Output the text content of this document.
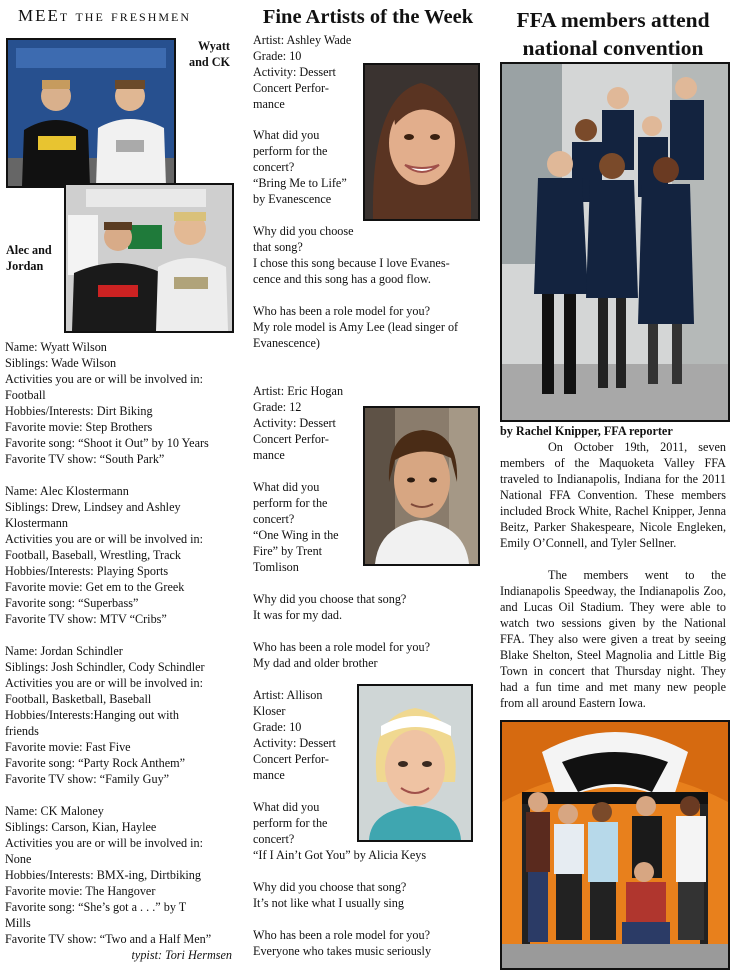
MEEt the freshmen
Wyatt
and CK
Alec and
Jordan
Name: Wyatt Wilson
Siblings: Wade Wilson
Activities you are or will be involved in:
Football
Hobbies/Interests: Dirt Biking
Favorite movie: Step Brothers
Favorite song: “Shoot it Out” by 10 Years
Favorite TV show: “South Park”
Name: Alec Klostermann
Siblings: Drew, Lindsey and Ashley
Klostermann
Activities you are or will be involved in:
Football, Baseball, Wrestling, Track
Hobbies/Interests: Playing Sports
Favorite movie: Get em to the Greek
Favorite song: “Superbass”
Favorite TV show: MTV “Cribs”
Name: Jordan Schindler
Siblings: Josh Schindler, Cody Schindler
Activities you are or will be involved in:
Football, Basketball, Baseball
Hobbies/Interests:Hanging out with
friends
Favorite movie: Fast Five
Favorite song: “Party Rock Anthem”
Favorite TV show: “Family Guy”
Name: CK Maloney
Siblings: Carson, Kian, Haylee
Activities you are or will be involved in:
None
Hobbies/Interests: BMX-ing, Dirtbiking
Favorite movie: The Hangover
Favorite song: “She’s got a . . .” by T
Mills
Favorite TV show: “Two and a Half Men”
typist: Tori Hermsen
Fine Artists of the Week
Artist: Ashley Wade
Grade: 10
Activity: Dessert
Concert Perfor-
mance
What did you
perform for the
concert?
“Bring Me to Life”
by Evanescence
Why did you choose
that song?
I chose this song because I love Evanes-
cence and this song has a good flow.

Who has been a role model for you?
My role model is Amy Lee (lead singer of
Evanescence)
Artist: Eric Hogan
Grade: 12
Activity: Dessert
Concert Perfor-
mance
What did you
perform for the
concert?
“One Wing in the
Fire” by Trent
Tomlison
Why did you choose that song?
It was for my dad.

Who has been a role model for you?
My dad and older brother
Artist: Allison
Kloser
Grade: 10
Activity: Dessert
Concert Perfor-
mance
What did you
perform for the
concert?
“If I Ain’t Got You” by Alicia Keys
Why did you choose that song?
It’s not like what I usually sing

Who has been a role model for you?
Everyone who takes music seriously
FFA members attend
national convention
by Rachel Knipper, FFA reporter
On October 19th, 2011, seven members of the Maquoketa Valley FFA traveled to Indianapolis, Indiana for the 2011 National FFA Convention. These members included Brock White, Rachel Knipper, Jenna Beitz, Parker Shakespeare, Nicole Engleken, Emily O’Connell, and Tyler Sellner.
The members went to the Indianapolis Speedway, the Indianapolis Zoo, and Lucas Oil Stadium. They were able to watch two sessions given by the National FFA. They also were given a treat by seeing Blake Shelton, Steel Magnolia and Little Big Town in concert that Thursday night. They had a fun time and met many new people from all around Eastern Iowa.
